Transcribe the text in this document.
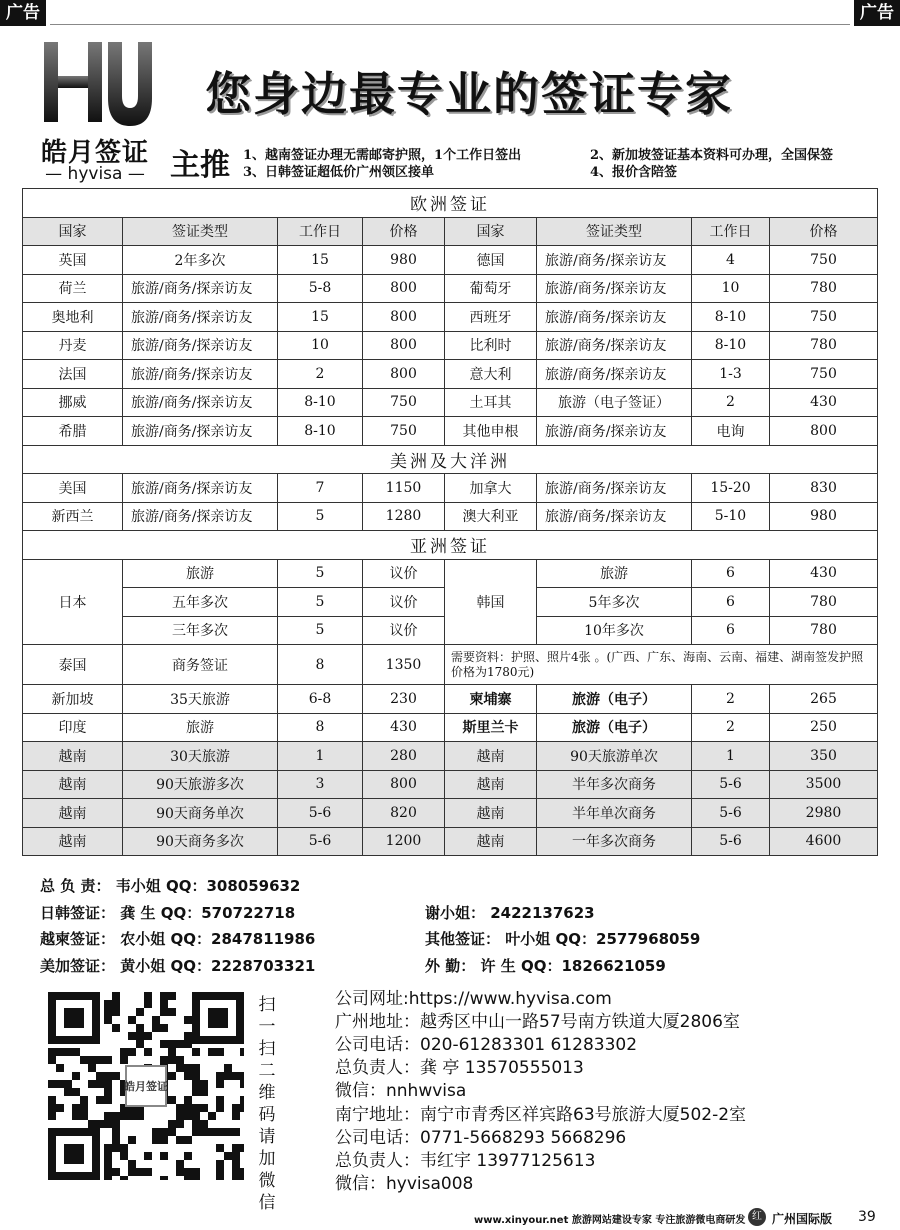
广告	广告
皓月签证
— hyvisa —
您身边最专业的签证专家
主推 1、越南签证办理无需邮寄护照，1个工作日签出	2、新加坡签证基本资料可办理，全国保签
3、日韩签证超低价广州领区接单	4、报价含陪签
欧洲签证							
国家	签证类型	工作日	价格	国家	签证类型	工作日	价格
英国	2年多次	15	980	德国	旅游/商务/探亲访友	4	750
荷兰	旅游/商务/探亲访友	5-8	800	葡萄牙	旅游/商务/探亲访友	10	780
奥地利	旅游/商务/探亲访友	15	800	西班牙	旅游/商务/探亲访友	8-10	750
丹麦	旅游/商务/探亲访友	10	800	比利时	旅游/商务/探亲访友	8-10	780
法国	旅游/商务/探亲访友	2	800	意大利	旅游/商务/探亲访友	1-3	750
挪威	旅游/商务/探亲访友	8-10	750	土耳其	旅游（电子签证）	2	430
希腊	旅游/商务/探亲访友	8-10	750	其他申根	旅游/商务/探亲访友	电询	800
美洲及大洋洲							
美国	旅游/商务/探亲访友	7	1150	加拿大	旅游/商务/探亲访友	15-20	830
新西兰	旅游/商务/探亲访友	5	1280	澳大利亚	旅游/商务/探亲访友	5-10	980
亚洲签证							
日本	旅游	5	议价	韩国	旅游	6	430
	五年多次	5	议价		5年多次	6	780
	三年多次	5	议价		10年多次	6	780
泰国	商务签证	8	1350	需要资料：护照、照片4张 。(广西、广东、海南、云南、福建、湖南签发护照价格为1780元)			
新加坡	35天旅游	6-8	230	柬埔寨	旅游（电子）	2	265
印度	旅游	8	430	斯里兰卡	旅游（电子）	2	250
越南	30天旅游	1	280	越南	90天旅游单次	1	350
越南	90天旅游多次	3	800	越南	半年多次商务	5-6	3500
越南	90天商务单次	5-6	820	越南	半年单次商务	5-6	2980
越南	90天商务多次	5-6	1200	越南	一年多次商务	5-6	4600
总 负 责： 韦小姐 QQ：308059632
日韩签证： 龚 生 QQ：570722718	谢小姐： 2422137623
越柬签证： 农小姐 QQ：2847811986	其他签证： 叶小姐 QQ：2577968059
美加签证： 黄小姐 QQ：2228703321	外 勤： 许 生 QQ：1826621059
皓月签证
扫一扫二维码请加微信
公司网址:https://www.hyvisa.com
广州地址：越秀区中山一路57号南方铁道大厦2806室
公司电话：020-61283301 61283302
总负责人：龚 亭 13570555013
微信：nnhwvisa
南宁地址：南宁市青秀区祥宾路63号旅游大厦502-2室
公司电话：0771-5668293 5668296
总负责人：韦红宇 13977125613
微信：hyvisa008
www.xinyour.net 旅游网站建设专家 专注旅游微电商研发 红 广州国际版 39
